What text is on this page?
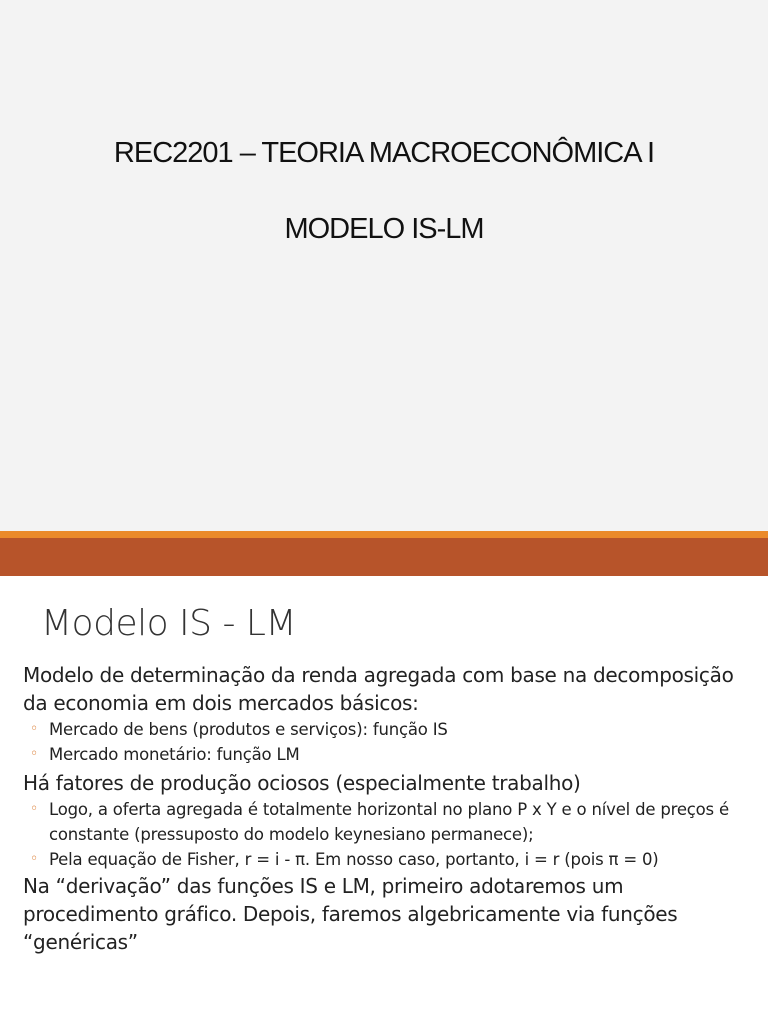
REC2201 – TEORIA MACROECONÔMICA I
MODELO IS-LM
Modelo IS - LM
Modelo de determinação da renda agregada com base na decomposição da economia em dois mercados básicos:
◦ Mercado de bens (produtos e serviços): função IS
◦ Mercado monetário: função LM
Há fatores de produção ociosos (especialmente trabalho)
◦ Logo, a oferta agregada é totalmente horizontal no plano P x Y e o nível de preços é constante (pressuposto do modelo keynesiano permanece);
◦ Pela equação de Fisher, r = i - π. Em nosso caso, portanto, i = r (pois π = 0)
Na “derivação” das funções IS e LM, primeiro adotaremos um procedimento gráfico. Depois, faremos algebricamente via funções “genéricas”
